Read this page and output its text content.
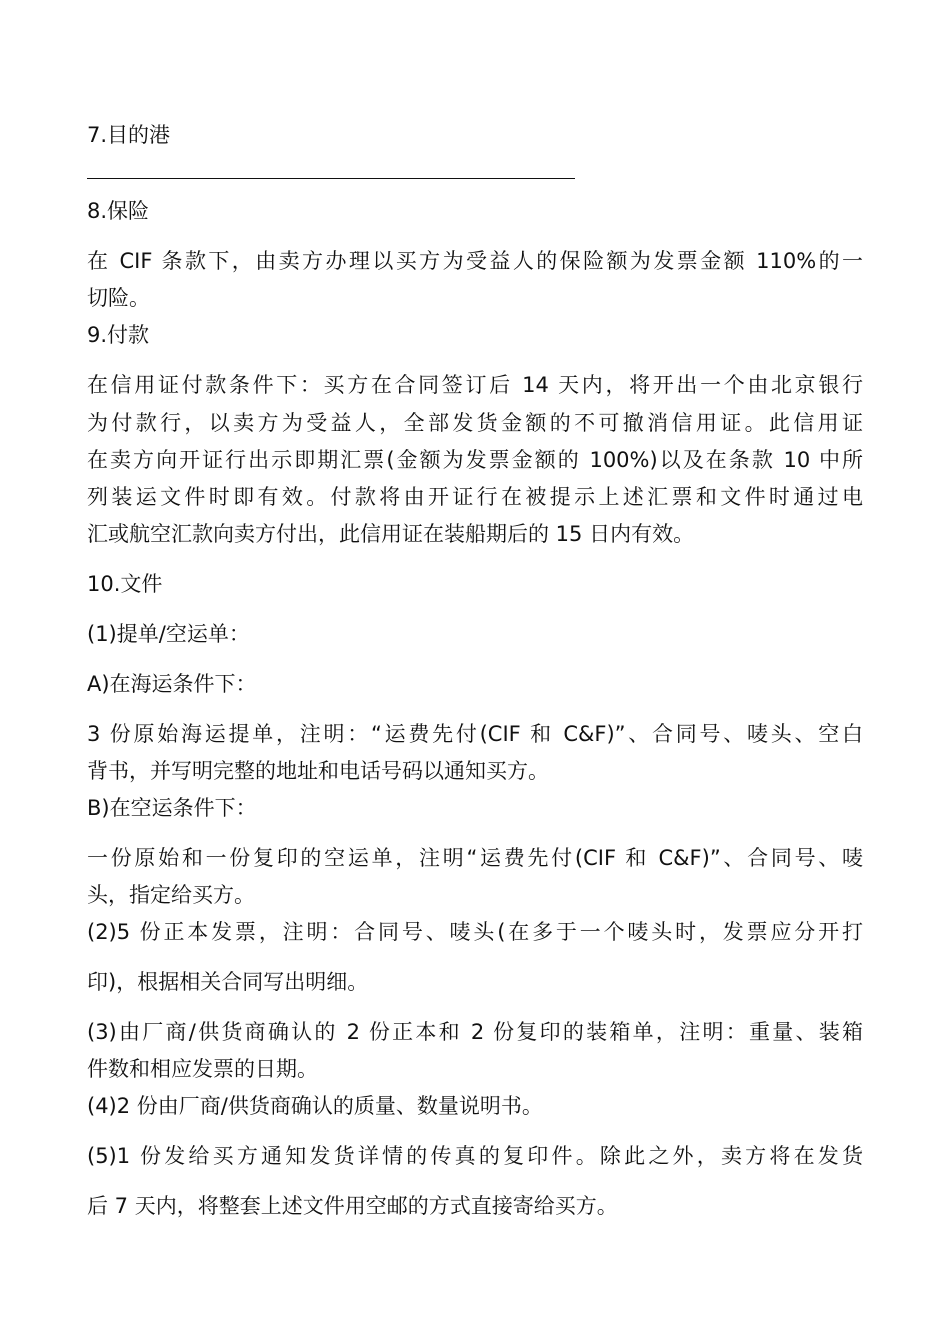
7.目的港

8.保险

在 CIF 条款下，由卖方办理以买方为受益人的保险额为发票金额 110%的一

切险。

9.付款

在信用证付款条件下：买方在合同签订后 14 天内，将开出一个由北京银行

为付款行，以卖方为受益人，全部发货金额的不可撤消信用证。此信用证

在卖方向开证行出示即期汇票(金额为发票金额的 100%)以及在条款 10 中所

列装运文件时即有效。付款将由开证行在被提示上述汇票和文件时通过电

汇或航空汇款向卖方付出，此信用证在装船期后的 15 日内有效。

10.文件

(1)提单/空运单：

A)在海运条件下：

3 份原始海运提单，注明：“运费先付(CIF 和 C&F)”、合同号、唛头、空白

背书，并写明完整的地址和电话号码以通知买方。

B)在空运条件下：

一份原始和一份复印的空运单，注明“运费先付(CIF 和 C&F)”、合同号、唛

头，指定给买方。

(2)5 份正本发票，注明：合同号、唛头(在多于一个唛头时，发票应分开打

印)，根据相关合同写出明细。

(3)由厂商/供货商确认的 2 份正本和 2 份复印的装箱单，注明：重量、装箱

件数和相应发票的日期。

(4)2 份由厂商/供货商确认的质量、数量说明书。

(5)1 份发给买方通知发货详情的传真的复印件。除此之外，卖方将在发货

后 7 天内，将整套上述文件用空邮的方式直接寄给买方。
